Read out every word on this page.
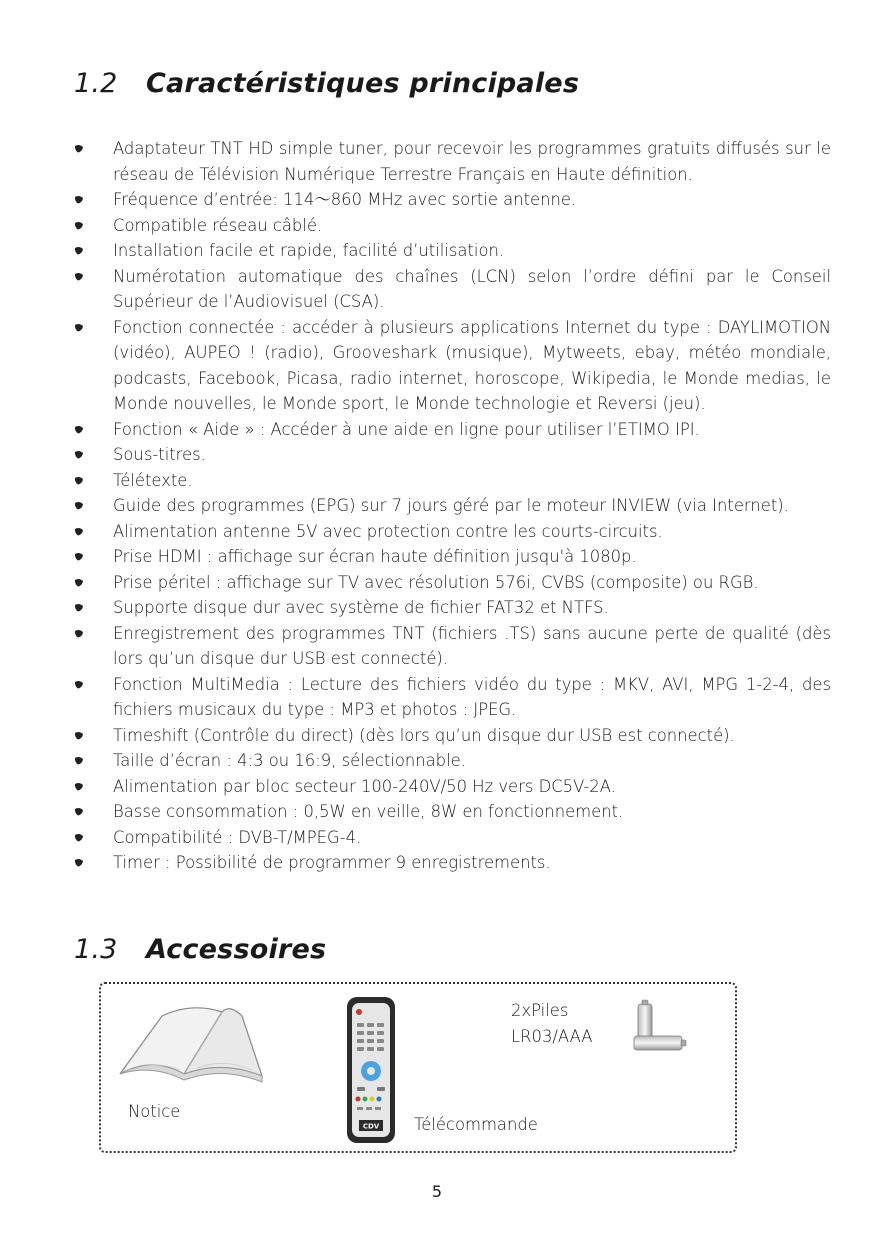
1.2 Caractéristiques principales
Adaptateur TNT HD simple tuner, pour recevoir les programmes gratuits diffusés sur le réseau de Télévision Numérique Terrestre Français en Haute définition.
Fréquence d’entrée: 114～860 MHz avec sortie antenne.
Compatible réseau câblé.
Installation facile et rapide, facilité d’utilisation.
Numérotation automatique des chaînes (LCN) selon l’ordre défini par le Conseil Supérieur de l’Audiovisuel (CSA).
Fonction connectée : accéder à plusieurs applications Internet du type : DAYLIMOTION (vidéo), AUPEO ! (radio), Grooveshark (musique), Mytweets, ebay, météo mondiale, podcasts, Facebook, Picasa, radio internet, horoscope, Wikipedia, le Monde medias, le Monde nouvelles, le Monde sport, le Monde technologie et Reversi (jeu).
Fonction « Aide » : Accéder à une aide en ligne pour utiliser l’ETIMO IPI.
Sous-titres.
Télétexte.
Guide des programmes (EPG) sur 7 jours géré par le moteur INVIEW (via Internet).
Alimentation antenne 5V avec protection contre les courts-circuits.
Prise HDMI : affichage sur écran haute définition jusqu'à 1080p.
Prise péritel : affichage sur TV avec résolution 576i, CVBS (composite) ou RGB.
Supporte disque dur avec système de fichier FAT32 et NTFS.
Enregistrement des programmes TNT (fichiers .TS) sans aucune perte de qualité (dès lors qu’un disque dur USB est connecté).
Fonction MultiMedia : Lecture des fichiers vidéo du type : MKV, AVI, MPG 1-2-4, des fichiers musicaux du type : MP3 et photos : JPEG.
Timeshift (Contrôle du direct) (dès lors qu’un disque dur USB est connecté).
Taille d’écran : 4:3 ou 16:9, sélectionnable.
Alimentation par bloc secteur 100-240V/50 Hz vers DC5V-2A.
Basse consommation : 0,5W en veille, 8W en fonctionnement.
Compatibilité : DVB-T/MPEG-4.
Timer : Possibilité de programmer 9 enregistrements.
1.3 Accessoires
CDV
Notice
Télécommande
2xPiles
LR03/AAA
5
